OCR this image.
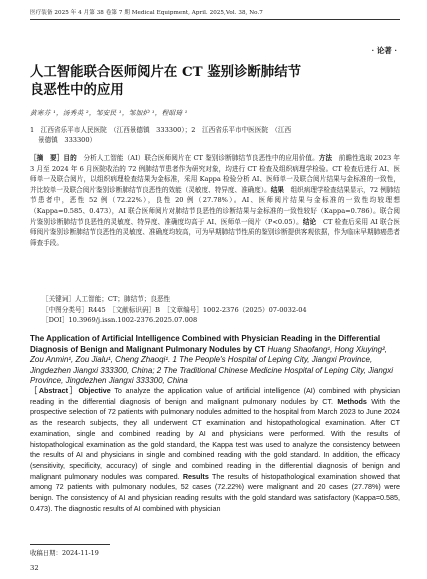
医疗装备 2025 年 4 月第 38 卷第 7 期 Medical Equipment, April. 2025,Vol. 38, No.7
· 论著 ·
人工智能联合医师阅片在 CT 鉴别诊断肺结节
良恶性中的应用
黄寒芬 ¹，汤秀英 ²，邹安民 ¹，邹加炉 ¹，程昭琦 ¹
1　江西省乐平市人民医院　（江西景德镇　333300）；2　江西省乐平市中医医院　（江西
景德镇　333300）
［摘　要］目的　分析人工智能（AI）联合医师阅片在 CT 鉴别诊断肺结节良恶性中的应用价值。方法　前瞻性选取 2023 年 3 月至 2024 年 6 月医院收治的 72 例肺结节患者作为研究对象，均进行 CT 检查及组织病理学检验。CT 检查后进行 AI、医师单一及联合阅片，以组织病理检查结果为金标准，采用 Kappa 检验分析 AI、医师单一及联合阅片结果与金标准的一致性，并比较单一及联合阅片鉴别诊断肺结节良恶性的效能（灵敏度、特异度、准确度）。结果　组织病理学检查结果显示，72 例肺结节患者中，恶性 52 例（72.22%），良性 20 例（27.78%）。AI、医师阅片结果与金标准的一致性均较理想（Kappa=0.585、0.473），AI 联合医师阅片对肺结节良恶性的诊断结果与金标准的一致性较好（Kappa=0.786）。联合阅片鉴别诊断肺结节良恶性的灵敏度、特异度、准确度均高于 AI、医师单一阅片（P<0.05）。结论　CT 检查后采用 AI 联合医师阅片鉴别诊断肺结节良恶性的灵敏度、准确度均较高，可为早期肺结节性质的鉴别诊断提供客观依据，作为临床早期肺癌患者筛查手段。
［关键词］人工智能；CT；肺结节；良恶性
［中图分类号］R445　［文献标识码］B　［文章编号］1002-2376（2025）07-0032-04
［DOI］10.3969/j.issn.1002-2376.2025.07.008
The Application of Artificial Intelligence Combined with Physician Reading in the Differential Diagnosis of Benign and Malignant Pulmonary Nodules by CT Huang Shaofang¹, Hong Xiuying², Zou Anmin¹, Zou Jialu¹, Cheng Zhaoqi¹. 1 The People's Hospital of Leping City, Jiangxi Province, Jingdezhen Jiangxi 333300, China; 2 The Traditional Chinese Medicine Hospital of Leping City, Jiangxi Province, Jingdezhen Jiangxi 333300, China
［Abstract］Objective To analyze the application value of artificial intelligence (AI) combined with physician reading in the differential diagnosis of benign and malignant pulmonary nodules by CT. Methods With the prospective selection of 72 patients with pulmonary nodules admitted to the hospital from March 2023 to June 2024 as the research subjects, they all underwent CT examination and histopathological examination. After CT examination, single and combined reading by AI and physicians were performed. With the results of histopathological examination as the gold standard, the Kappa test was used to analyze the consistency between the results of AI and physicians in single and combined reading with the gold standard. In addition, the efficacy (sensitivity, specificity, accuracy) of single and combined reading in the differential diagnosis of benign and malignant pulmonary nodules was compared. Results The results of histopathological examination showed that among 72 patients with pulmonary nodules, 52 cases (72.22%) were malignant and 20 cases (27.78%) were benign. The consistency of AI and physician reading results with the gold standard was satisfactory (Kappa=0.585, 0.473). The diagnostic results of AI combined with physician
收稿日期：2024-11-19
32
